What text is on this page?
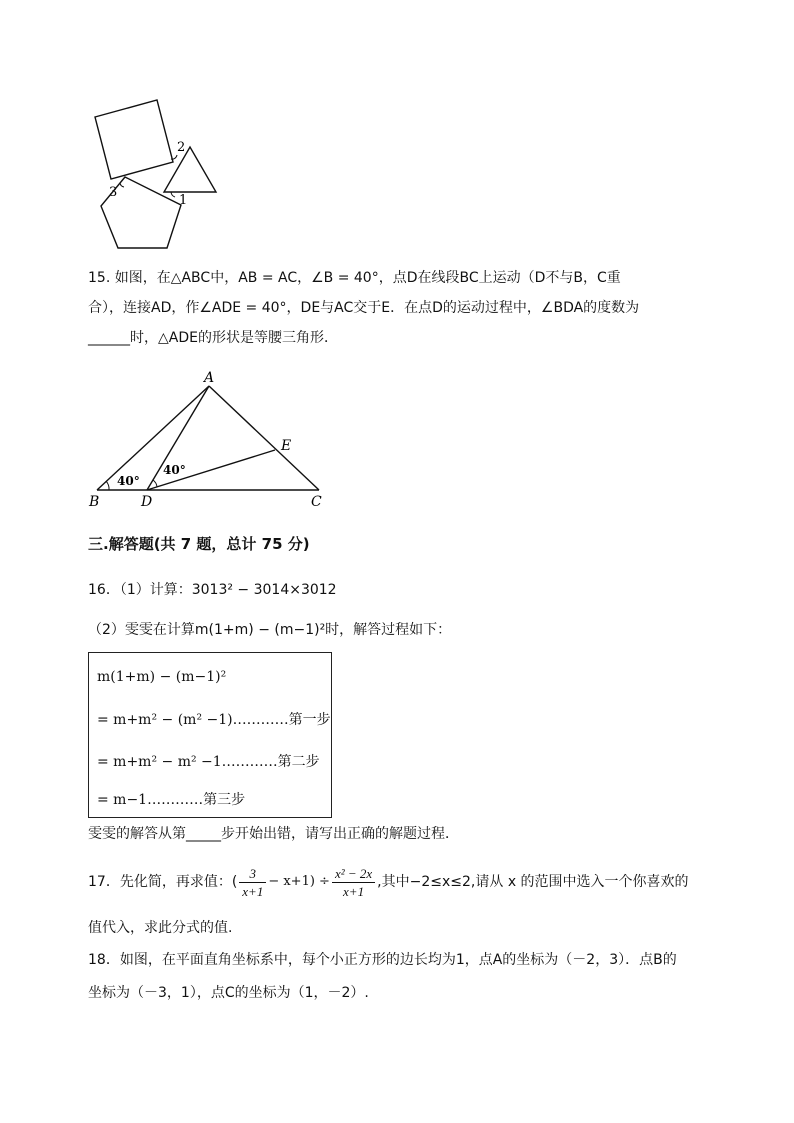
2
3
1
15. 如图，在△ABC中，AB = AC，∠B = 40°，点D在线段BC上运动（D不与B，C重
合），连接AD，作∠ADE = 40°，DE与AC交于E．在点D的运动过程中，∠BDA的度数为
______时，△ADE的形状是等腰三角形．
A
B	C
D
E
40°
40°
三.解答题(共 7 题，总计 75 分)
16．（1）计算：3013² − 3014×3012
（2）雯雯在计算m(1+m) − (m−1)²时，解答过程如下：
m(1+m) − (m−1)²
= m+m² − (m² −1)…………第一步
= m+m² − m² −1…………第二步
= m−1…………第三步
雯雯的解答从第_____步开始出错，请写出正确的解题过程．
17．先化简，再求值：( $\frac{3}{x+1} - x+1) \div \frac{\text{x² − 2x}}{x+1}$ ,其中−2≤x≤2,请从 x 的范围中选入一个你喜欢的
值代入，求此分式的值.
18．如图，在平面直角坐标系中，每个小正方形的边长均为1，点A的坐标为（－2，3）．点B的
坐标为（－3，1），点C的坐标为（1，－2）.
